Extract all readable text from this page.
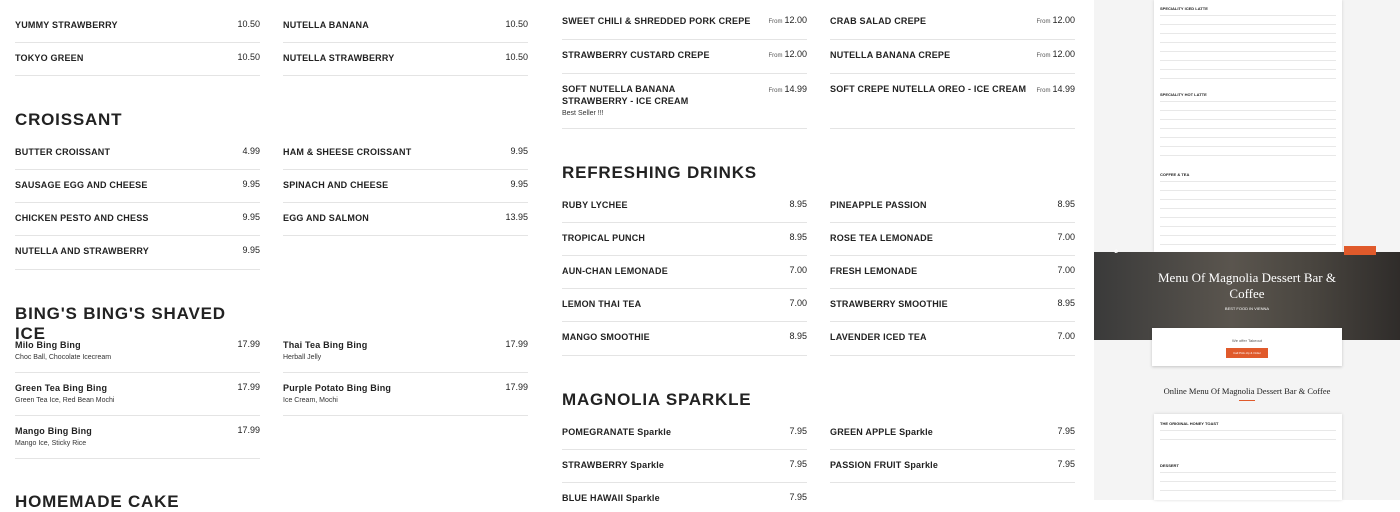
YUMMY STRAWBERRY	10.50
TOKYO GREEN	10.50
CROISSANT
BUTTER CROISSANT	4.99
SAUSAGE EGG AND CHEESE	9.95
CHICKEN PESTO AND CHESS	9.95
NUTELLA AND STRAWBERRY	9.95
BING'S BING'S SHAVED ICE
Milo Bing Bing
Choc Ball, Chocolate Icecream
17.99
Green Tea Bing Bing
Green Tea Ice, Red Bean Mochi
17.99
Mango Bing Bing
Mango Ice, Sticky Rice
17.99
HOMEMADE CAKE
NUTELLA BANANA	10.50
NUTELLA STRAWBERRY	10.50
HAM & SHEESE CROISSANT	9.95
SPINACH AND CHEESE	9.95
EGG AND SALMON	13.95
Thai Tea Bing Bing
Herball Jelly
17.99
Purple Potato Bing Bing
Ice Cream, Mochi
17.99
SWEET CHILI & SHREDDED PORK CREPE	From 12.00
STRAWBERRY CUSTARD CREPE	From 12.00
SOFT NUTELLA BANANA STRAWBERRY - ICE CREAM
Best Seller !!!
From 14.99
REFRESHING DRINKS
RUBY LYCHEE	8.95
TROPICAL PUNCH	8.95
AUN-CHAN LEMONADE	7.00
LEMON THAI TEA	7.00
MANGO SMOOTHIE	8.95
MAGNOLIA SPARKLE
POMEGRANATE Sparkle	7.95
STRAWBERRY Sparkle	7.95
BLUE HAWAII Sparkle	7.95
CRAB SALAD CREPE	From 12.00
NUTELLA BANANA CREPE	From 12.00
SOFT CREPE NUTELLA OREO - ICE CREAM From 14.99
PINEAPPLE PASSION	8.95
ROSE TEA LEMONADE	7.00
FRESH LEMONADE	7.00
STRAWBERRY SMOOTHIE	8.95
LAVENDER ICED TEA	7.00
GREEN APPLE Sparkle	7.95
PASSION FRUIT Sparkle	7.95
SPECIALITY ICED LATTE
SPECIALITY HOT LATTE
COFFEE & TEA
Menu Of Magnolia Dessert Bar & Coffee
BEST FOOD IN VIENNA
✿
We offer Takeout
Call Pick-Up & Order
Online Menu Of Magnolia Dessert Bar & Coffee
THE ORIGINAL HONEY TOAST
DESSERT
